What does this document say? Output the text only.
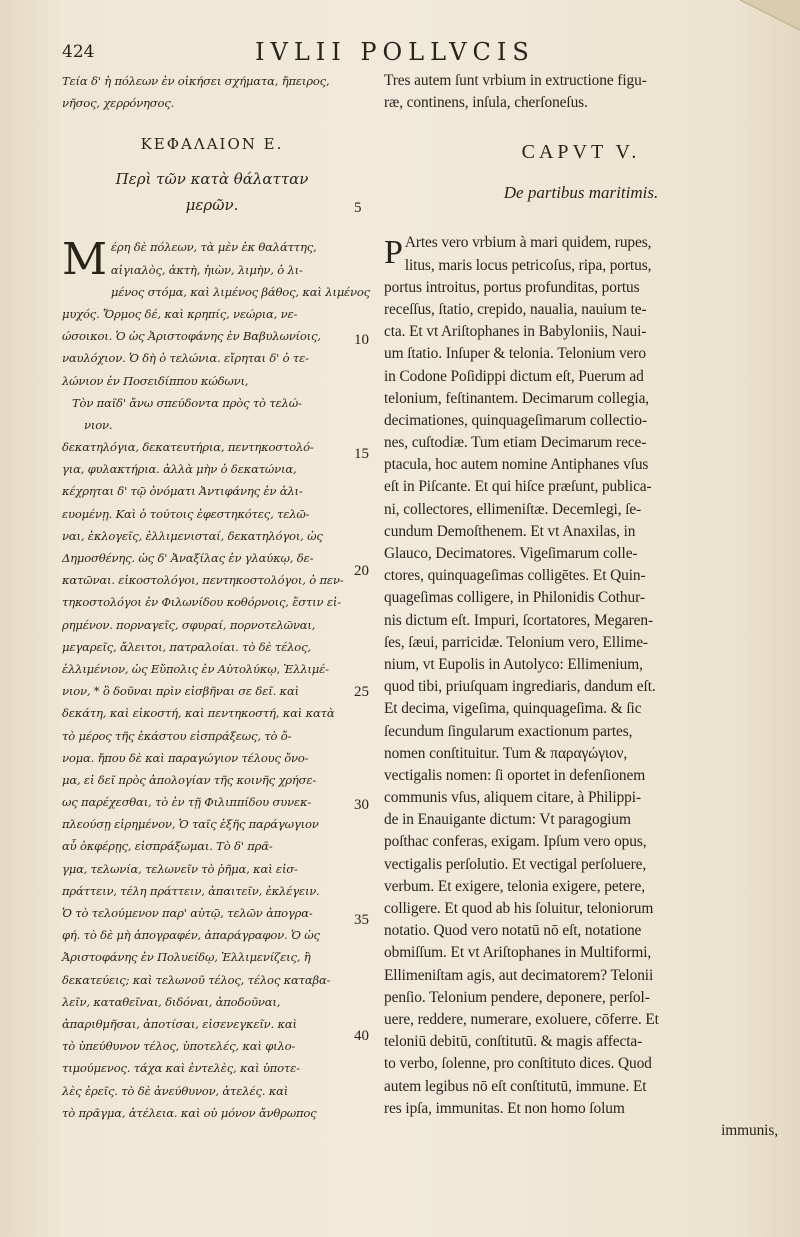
424	IVLII POLLVCIS
Τεία δ' ἡ πόλεων ἐν οἰκήσει σχήματα, ἤπειρος,
νῆσος, χερρόνησος.
ΚΕΦΑΛΑΙΟΝ Ε.
Περὶ τῶν κατὰ θάλατταν
μερῶν.
Μέρη δὲ πόλεων, τὰ μὲν ἐκ θαλάττης,
αἰγιαλὸς, ἀκτὴ, ἠιὼν, λιμὴν, ὁ λι-
μένος στόμα, καὶ λιμένος βάθος, καὶ λιμένος
μυχός. Ὅρμος δέ, καὶ κρηπίς, νεώρια, νε-
ώσοικοι. Ὁ ὡς Ἀριστοφάνης ἐν Βαβυλωνίοις,
ναυλόχιον. Ὁ δὴ ὁ τελώνια. εἴρηται δ' ὁ τε-
λώνιον ἐν Ποσειδίππου κώδωνι,
Τὸν παῖδ' ἄνω σπεύδοντα πρὸς τὸ τελώ-
νιον.
δεκατηλόγια, δεκατευτήρια, πεντηκοστολό-
για, φυλακτήρια. ἀλλὰ μὴν ὁ δεκατώνια,
κέχρηται δ' τῷ ὀνόματι Ἀντιφάνης ἐν ἁλι-
ευομένῃ. Καὶ ὁ τούτοις ἐφεστηκότες, τελῶ-
ναι, ἐκλογεῖς, ἐλλιμενισταί, δεκατηλόγοι, ὡς
Δημοσθένης. ὡς δ' Ἀναξίλας ἐν γλαύκῳ, δε-
κατῶναι. εἰκοστολόγοι, πεντηκοστολόγοι, ὁ πεν-
τηκοστολόγοι ἐν Φιλωνίδου κοθόρνοις, ἔστιν εἰ-
ρημένον. πορναγεῖς, σφυραί, πορνοτελῶναι,
μεγαρεῖς, ἄλειτοι, πατραλοίαι. τὸ δὲ τέλος,
ἐλλιμένιον, ὡς Εὔπολις ἐν Αὐτολύκῳ, Ἐλλιμέ-
νιον, * ὃ δοῦναι πρὶν εἰσβῆναι σε δεῖ. καὶ
δεκάτη, καὶ εἰκοστή, καὶ πεντηκοστή, καὶ κατὰ
τὸ μέρος τῆς ἑκάστου εἰσπράξεως, τὸ ὄ-
νομα. ἤπου δὲ καὶ παραγώγιον τέλους ὄνο-
μα, εἰ δεῖ πρὸς ἀπολογίαν τῆς κοινῆς χρήσε-
ως παρέχεσθαι, τὸ ἐν τῇ Φιλιππίδου συνεκ-
πλεούσῃ εἰρημένον, Ὁ ταῖς ἑξῆς παράγωγιον
αὖ ὁκφέρῃς, εἰσπράξωμαι. Τὸ δ' πρᾶ-
γμα, τελωνία, τελωνεῖν τὸ ῥῆμα, καὶ εἰσ-
πράττειν, τέλη πράττειν, ἀπαιτεῖν, ἐκλέγειν.
Ὁ τὸ τελούμενον παρ' αὐτῷ, τελῶν ἀπογρα-
φή. τὸ δὲ μὴ ἀπογραφέν, ἀπαράγραφον. Ὁ ὡς
Ἀριστοφάνης ἐν Πολυείδῳ, Ἐλλιμενίζεις, ἢ
δεκατεύεις; καὶ τελωνοῦ τέλος, τέλος καταβα-
λεῖν, καταθεῖναι, διδόναι, ἀποδοῦναι,
ἀπαριθμῆσαι, ἀποτίσαι, εἰσενεγκεῖν. καὶ
τὸ ὑπεύθυνον τέλος, ὑποτελές, καὶ φιλο-
τιμούμενος. τάχα καὶ ἐντελὲς, καὶ ὑποτε-
λὲς ἐρεῖς. τὸ δὲ ἀνεύθυνον, ἀτελές. καὶ
τὸ πρᾶγμα, ἀτέλεια. καὶ οὐ μόνον ἄνθρωπος
5
10
15
20
25
30
35
40
Tres autem ſunt vrbium in extructione figu-
ræ, continens, inſula, cherſoneſus.
CAPVT V.
De partibus maritimis.
P Artes vero vrbium à mari quidem, rupes,
litus, maris locus petricoſus, ripa, portus,
portus introitus, portus profunditas, portus
receſſus, ſtatio, crepido, naualia, nauium te-
cta. Et vt Ariſtophanes in Babyloniis, Naui-
um ſtatio. Inſuper & telonia. Telonium vero
in Codone Poſidippi dictum eſt, Puerum ad
telonium, feſtinantem. Decimarum collegia,
decimationes, quinquageſimarum collectio-
nes, cuſtodiæ. Tum etiam Decimarum rece-
ptacula, hoc autem nomine Antiphanes vſus
eſt in Piſcante. Et qui hiſce præſunt, publica-
ni, collectores, ellimeniſtæ. Decemlegi, ſe-
cundum Demoſthenem. Et vt Anaxilas, in
Glauco, Decimatores. Vigeſimarum colle-
ctores, quinquageſimas colligētes. Et Quin-
quageſimas colligere, in Philonidis Cothur-
nis dictum eſt. Impuri, ſcortatores, Megaren-
ſes, ſæui, parricidæ. Telonium vero, Ellime-
nium, vt Eupolis in Autolyco: Ellimenium,
quod tibi, priuſquam ingrediaris, dandum eſt.
Et decima, vigeſima, quinquageſima. & ſic
ſecundum ſingularum exactionum partes,
nomen conſtituitur. Tum & παραγώγιον,
vectigalis nomen: ſi oportet in defenſionem
communis vſus, aliquem citare, à Philippi-
de in Enauigante dictum: Vt paragogium
poſthac conferas, exigam. Ipſum vero opus,
vectigalis perſolutio. Et vectigal perſoluere,
verbum. Et exigere, telonia exigere, petere,
colligere. Et quod ab his ſoluitur, teloniorum
notatio. Quod vero notatū nō eſt, notatione
obmiſſum. Et vt Ariſtophanes in Multiformi,
Ellimeniſtam agis, aut decimatorem? Telonii
penſio. Telonium pendere, deponere, perſol-
uere, reddere, numerare, exoluere, cōferre. Et
teloniū debitū, conſtitutū. & magis affecta-
to verbo, ſolenne, pro conſtituto dices. Quod
autem legibus nō eſt conſtitutū, immune. Et
res ipſa, immunitas. Et non homo ſolum
immunis,
